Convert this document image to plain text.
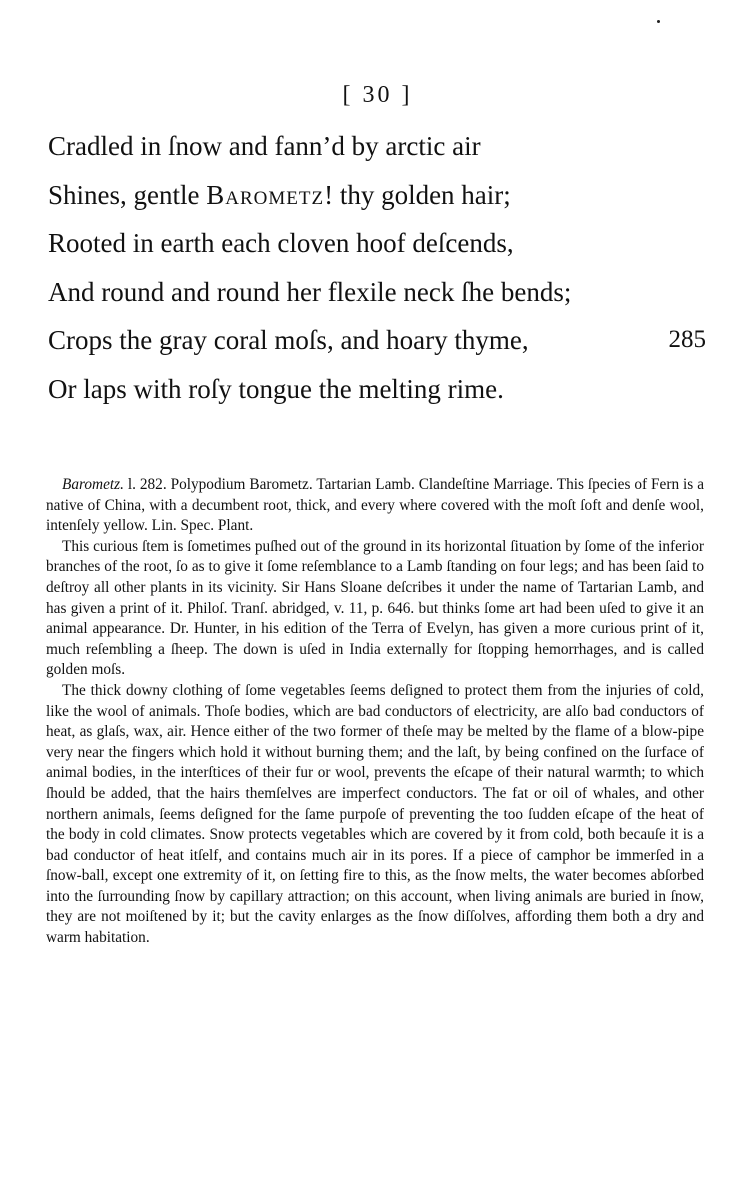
[ 30 ]
Cradled in ſnow and fann’d by arctic air
Shines, gentle Barometz! thy golden hair;
Rooted in earth each cloven hoof deſcends,
And round and round her flexile neck ſhe bends;
Crops the gray coral moſs, and hoary thyme,	285
Or laps with roſy tongue the melting rime.

Barometz. l. 282. Polypodium Barometz. Tartarian Lamb. Clandeſtine Marriage. This ſpecies of Fern is a native of China, with a decumbent root, thick, and every where covered with the moſt ſoft and denſe wool, intenſely yellow. Lin. Spec. Plant.

This curious ſtem is ſometimes puſhed out of the ground in its horizontal ſituation by ſome of the inferior branches of the root, ſo as to give it ſome reſemblance to a Lamb ſtanding on four legs; and has been ſaid to deſtroy all other plants in its vicinity. Sir Hans Sloane deſcribes it under the name of Tartarian Lamb, and has given a print of it. Philoſ. Tranſ. abridged, v. 11, p. 646. but thinks ſome art had been uſed to give it an animal appearance. Dr. Hunter, in his edition of the Terra of Evelyn, has given a more curious print of it, much reſembling a ſheep. The down is uſed in India externally for ſtopping hemorrhages, and is called golden moſs.

The thick downy clothing of ſome vegetables ſeems deſigned to protect them from the injuries of cold, like the wool of animals. Thoſe bodies, which are bad conductors of electricity, are alſo bad conductors of heat, as glaſs, wax, air. Hence either of the two former of theſe may be melted by the flame of a blow-pipe very near the fingers which hold it without burning them; and the laſt, by being confined on the ſurface of animal bodies, in the interſtices of their fur or wool, prevents the eſcape of their natural warmth; to which ſhould be added, that the hairs themſelves are imperfect conductors. The fat or oil of whales, and other northern animals, ſeems deſigned for the ſame purpoſe of preventing the too ſudden eſcape of the heat of the body in cold climates. Snow protects vegetables which are covered by it from cold, both becauſe it is a bad conductor of heat itſelf, and contains much air in its pores. If a piece of camphor be immerſed in a ſnow-ball, except one extremity of it, on ſetting fire to this, as the ſnow melts, the water becomes abſorbed into the ſurrounding ſnow by capillary attraction; on this account, when living animals are buried in ſnow, they are not moiſtened by it; but the cavity enlarges as the ſnow diſſolves, affording them both a dry and warm habitation.
